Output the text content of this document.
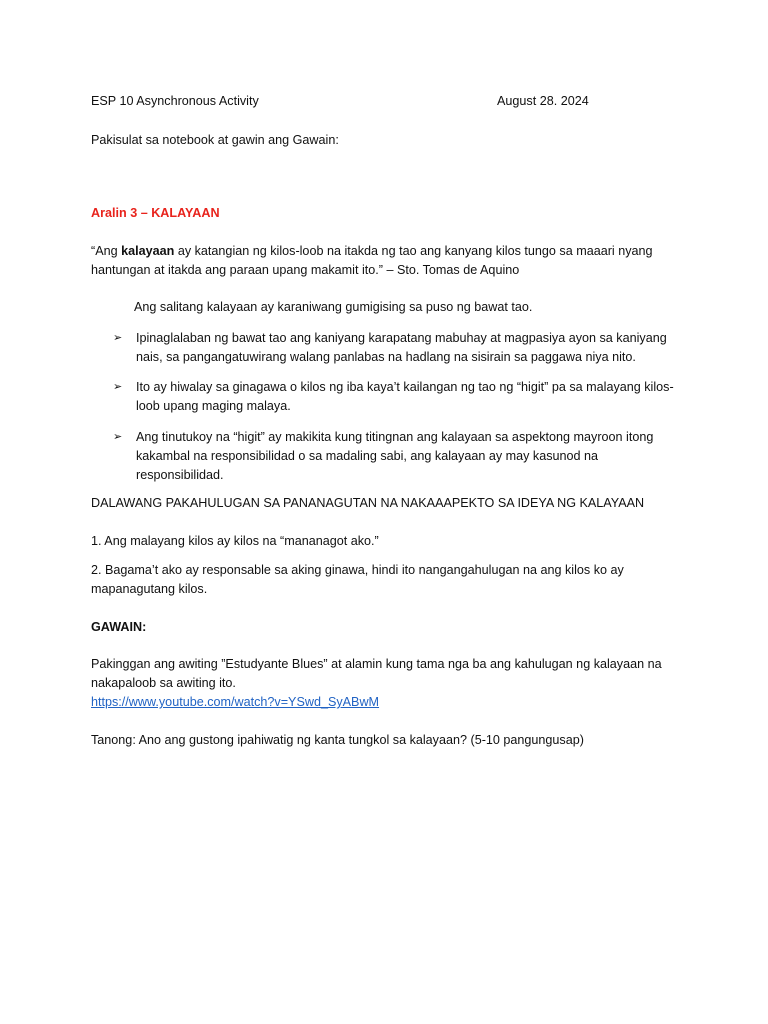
ESP 10 Asynchronous Activity	August 28. 2024
Pakisulat sa notebook at gawin ang Gawain:
Aralin 3 – KALAYAAN
“Ang kalayaan ay katangian ng kilos-loob na itakda ng tao ang kanyang kilos tungo sa maaari nyang
hantungan at itakda ang paraan upang makamit ito.” – Sto. Tomas de Aquino
Ang salitang kalayaan ay karaniwang gumigising sa puso ng bawat tao.
➢ Ipinaglalaban ng bawat tao ang kaniyang karapatang mabuhay at magpasiya ayon sa kaniyang
nais, sa pangangatuwirang walang panlabas na hadlang na sisirain sa paggawa niya nito.
➢ Ito ay hiwalay sa ginagawa o kilos ng iba kaya’t kailangan ng tao ng “higit” pa sa malayang kilos-
loob upang maging malaya.
➢ Ang tinutukoy na “higit” ay makikita kung titingnan ang kalayaan sa aspektong mayroon itong
kakambal na responsibilidad o sa madaling sabi, ang kalayaan ay may kasunod na
responsibilidad.
DALAWANG PAKAHULUGAN SA PANANAGUTAN NA NAKAAAPEKTO SA IDEYA NG KALAYAAN
1. Ang malayang kilos ay kilos na “mananagot ako.”
2. Bagama’t ako ay responsable sa aking ginawa, hindi ito nangangahulugan na ang kilos ko ay
mapanagutang kilos.
GAWAIN:
Pakinggan ang awiting ”Estudyante Blues” at alamin kung tama nga ba ang kahulugan ng kalayaan na
nakapaloob sa awiting ito.
https://www.youtube.com/watch?v=YSwd_SyABwM
Tanong: Ano ang gustong ipahiwatig ng kanta tungkol sa kalayaan? (5-10 pangungusap)
